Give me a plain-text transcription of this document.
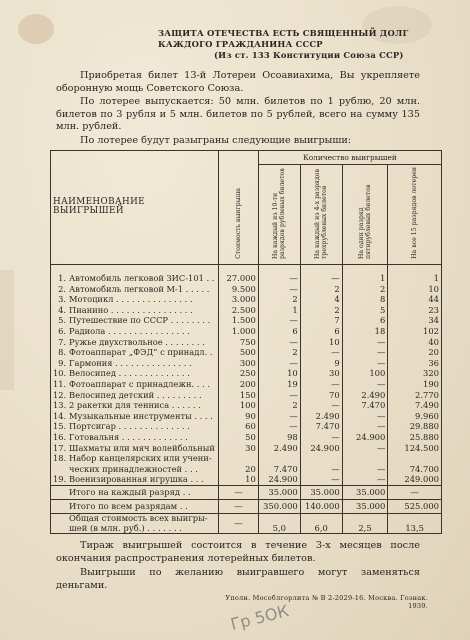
ЗАЩИТА ОТЕЧЕСТВА ЕСТЬ СВЯЩЕННЫЙ ДОЛГ
КАЖДОГО ГРАЖДАНИНА СССР
(Из ст. 133 Конституции Союза ССР)
Приобретая билет 13-й Лотереи Осоавиахима, Вы укрепляете оборонную мощь Советского Союза.
По лотерее выпускается: 50 млн. билетов по 1 рублю, 20 млн. билетов по 3 рубля и 5 млн. билетов по 5 рублей, всего на сумму 135 млн. рублей.
По лотерее будут разыграны следующие выигрыши:
НАИМЕНОВАНИЕ ВЫИГРЫШЕЙ	Стоимость выигрыша	Количество выигрышей			
		На каждый из 10-ти разрядов рублевых билетов	На каждый из 4-х разрядов трехрублевых билетов	На один разряд пятирублевых билетов	На все 15 разрядов лотереи

1. Автомобиль легковой ЗИС-101 . .	27.000	—	—	1	1
2. Автомобиль легковой М-1 . . . . .	9.500	—	2	2	10
3. Мотоцикл . . . . . . . . . . . . . . .	3.000	2	4	8	44
4. Пианино . . . . . . . . . . . . . . . .	2.500	1	2	5	23
5. Путешествие по СССР . . . . . . . .	1.500	—	7	6	34
6. Радиола . . . . . . . . . . . . . . . .	1.000	6	6	18	102
7. Ружье двухствольное . . . . . . . .	750	—	10	—	40
8. Фотоаппарат „ФЭД“ с принадл. .	500	2	—	—	20
9. Гармония . . . . . . . . . . . . . . .	300	—	9	—	36
10. Велосипед . . . . . . . . . . . . . .	250	10	30	100	320
11. Фотоаппарат с принадлежн. . . .	200	19	—	—	190
12. Велосипед детский . . . . . . . . .	150	—	70	2.490	2.770
13. 2 ракетки для тенниса . . . . . .	100	2	—	7.470	7.490
14. Музыкальные инструменты . . . .	90	—	2.490	—	9.960
15. Портсигар . . . . . . . . . . . . . .	60	—	7.470	—	29.880
16. Готовальня . . . . . . . . . . . . .	50	98	—	24.900	25.880
17. Шахматы или мяч волейбольный	30	2.490	24.900	—	124.500
18. Набор канцелярских или учени-					
ческих принадлежностей . . .	20	7.470	—	—	74.700
19. Военизированная игрушка . . .	10	24.900	—	—	249.000
Итого на каждый разряд . .	—	35.000	35.000	35.000	—
Итого по всем разрядам . .	—	350.000	140.000	35.000	525.000

Общая стоимость всех выигры-
шей (в млн. руб.) . . . . . . .	—	5,0	6,0	2,5	13,5
Тираж выигрышей состоится в течение 3-х месяцев после окончания распространения лотерейных билетов.
Выигрыши по желанию выигравшего могут заменяться деньгами.
Уполн. Мособлгорлита № В 2-2029-16. Москва. Гознак. 1939.
Гр 5ОК
